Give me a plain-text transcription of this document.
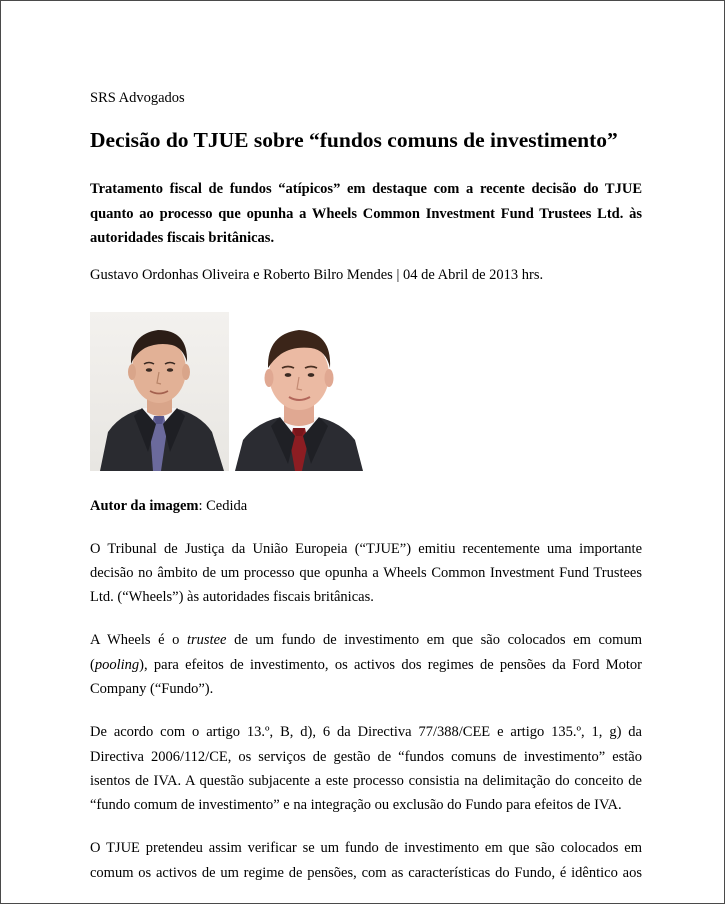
SRS Advogados
Decisão do TJUE sobre “fundos comuns de investimento”

Tratamento fiscal de fundos “atípicos” em destaque com a recente decisão do TJUE quanto ao processo que opunha a Wheels Common Investment Fund Trustees Ltd. às autoridades fiscais britânicas.

Gustavo Ordonhas Oliveira e Roberto Bilro Mendes | 04 de Abril de 2013 hrs.

Autor da imagem: Cedida

O Tribunal de Justiça da União Europeia (“TJUE”) emitiu recentemente uma importante decisão no âmbito de um processo que opunha a Wheels Common Investment Fund Trustees Ltd. (“Wheels”) às autoridades fiscais britânicas.

A Wheels é o trustee de um fundo de investimento em que são colocados em comum (pooling), para efeitos de investimento, os activos dos regimes de pensões da Ford Motor Company (“Fundo”).

De acordo com o artigo 13.º, B, d), 6 da Directiva 77/388/CEE e artigo 135.º, 1, g) da Directiva 2006/112/CE, os serviços de gestão de “fundos comuns de investimento” estão isentos de IVA. A questão subjacente a este processo consistia na delimitação do conceito de “fundo comum de investimento” e na integração ou exclusão do Fundo para efeitos de IVA.

O TJUE pretendeu assim verificar se um fundo de investimento em que são colocados em comum os activos de um regime de pensões, com as características do Fundo, é idêntico aos
